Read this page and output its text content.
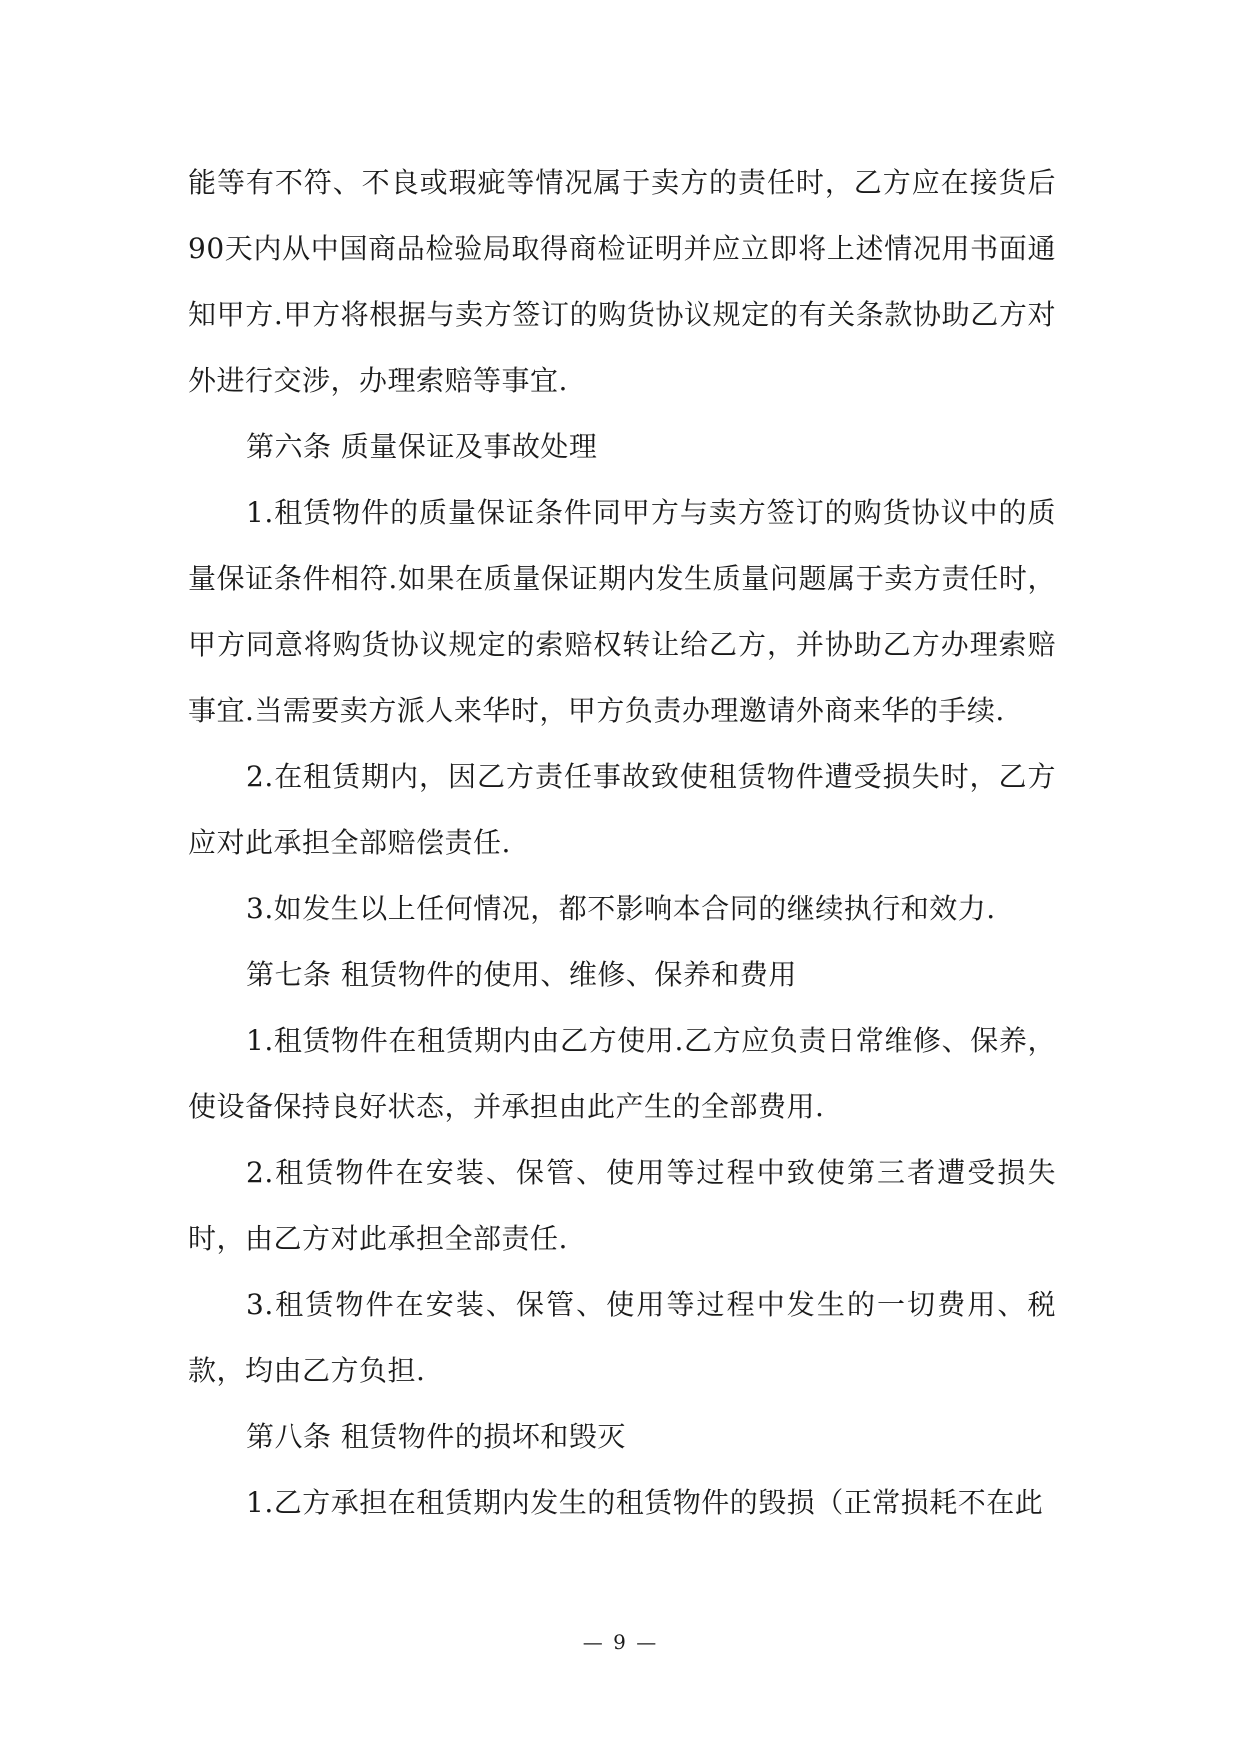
能等有不符、不良或瑕疵等情况属于卖方的责任时，乙方应在接货后90天内从中国商品检验局取得商检证明并应立即将上述情况用书面通知甲方.甲方将根据与卖方签订的购货协议规定的有关条款协助乙方对外进行交涉，办理索赔等事宜.

第六条 质量保证及事故处理

1.租赁物件的质量保证条件同甲方与卖方签订的购货协议中的质量保证条件相符.如果在质量保证期内发生质量问题属于卖方责任时，甲方同意将购货协议规定的索赔权转让给乙方，并协助乙方办理索赔事宜.当需要卖方派人来华时，甲方负责办理邀请外商来华的手续.

2.在租赁期内，因乙方责任事故致使租赁物件遭受损失时，乙方应对此承担全部赔偿责任.

3.如发生以上任何情况，都不影响本合同的继续执行和效力.

第七条 租赁物件的使用、维修、保养和费用

1.租赁物件在租赁期内由乙方使用.乙方应负责日常维修、保养，使设备保持良好状态，并承担由此产生的全部费用.

2.租赁物件在安装、保管、使用等过程中致使第三者遭受损失时，由乙方对此承担全部责任.

3.租赁物件在安装、保管、使用等过程中发生的一切费用、税款，均由乙方负担.

第八条 租赁物件的损坏和毁灭

1.乙方承担在租赁期内发生的租赁物件的毁损（正常损耗不在此

— 9 —
